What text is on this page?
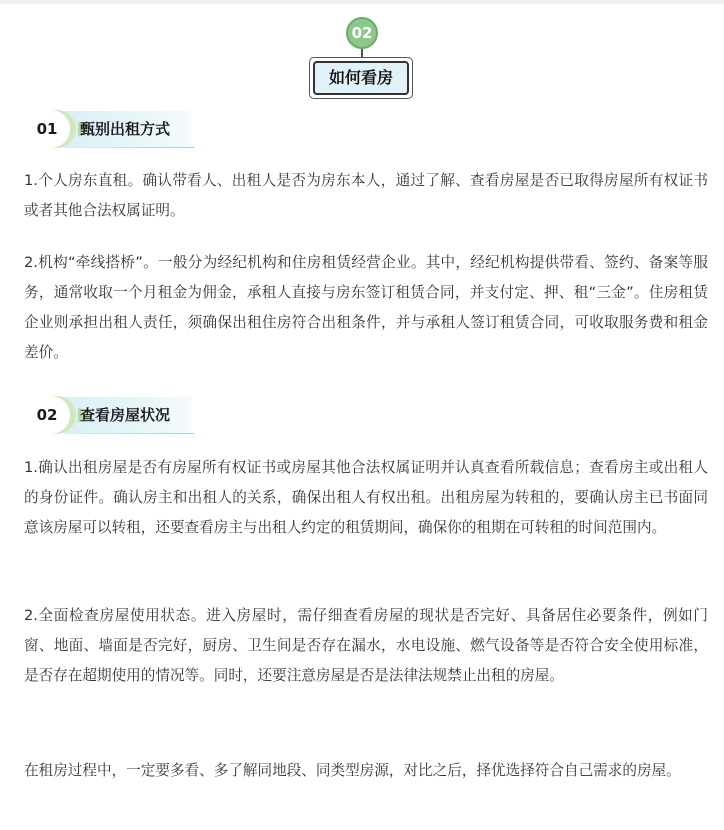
02
如何看房
01	甄别出租方式

1.个人房东直租。确认带看人、出租人是否为房东本人，通过了解、查看房屋是否已取得房屋所有权证书或者其他合法权属证明。

2.机构“牵线搭桥”。一般分为经纪机构和住房租赁经营企业。其中，经纪机构提供带看、签约、备案等服务，通常收取一个月租金为佣金，承租人直接与房东签订租赁合同，并支付定、押、租“三金”。住房租赁企业则承担出租人责任，须确保出租住房符合出租条件，并与承租人签订租赁合同，可收取服务费和租金差价。

02	查看房屋状况

1.确认出租房屋是否有房屋所有权证书或房屋其他合法权属证明并认真查看所载信息；查看房主或出租人的身份证件。确认房主和出租人的关系，确保出租人有权出租。出租房屋为转租的，要确认房主已书面同意该房屋可以转租，还要查看房主与出租人约定的租赁期间，确保你的租期在可转租的时间范围内。

2.全面检查房屋使用状态。进入房屋时，需仔细查看房屋的现状是否完好、具备居住必要条件，例如门窗、地面、墙面是否完好，厨房、卫生间是否存在漏水，水电设施、燃气设备等是否符合安全使用标准，是否存在超期使用的情况等。同时，还要注意房屋是否是法律法规禁止出租的房屋。

在租房过程中，一定要多看、多了解同地段、同类型房源，对比之后，择优选择符合自己需求的房屋。
